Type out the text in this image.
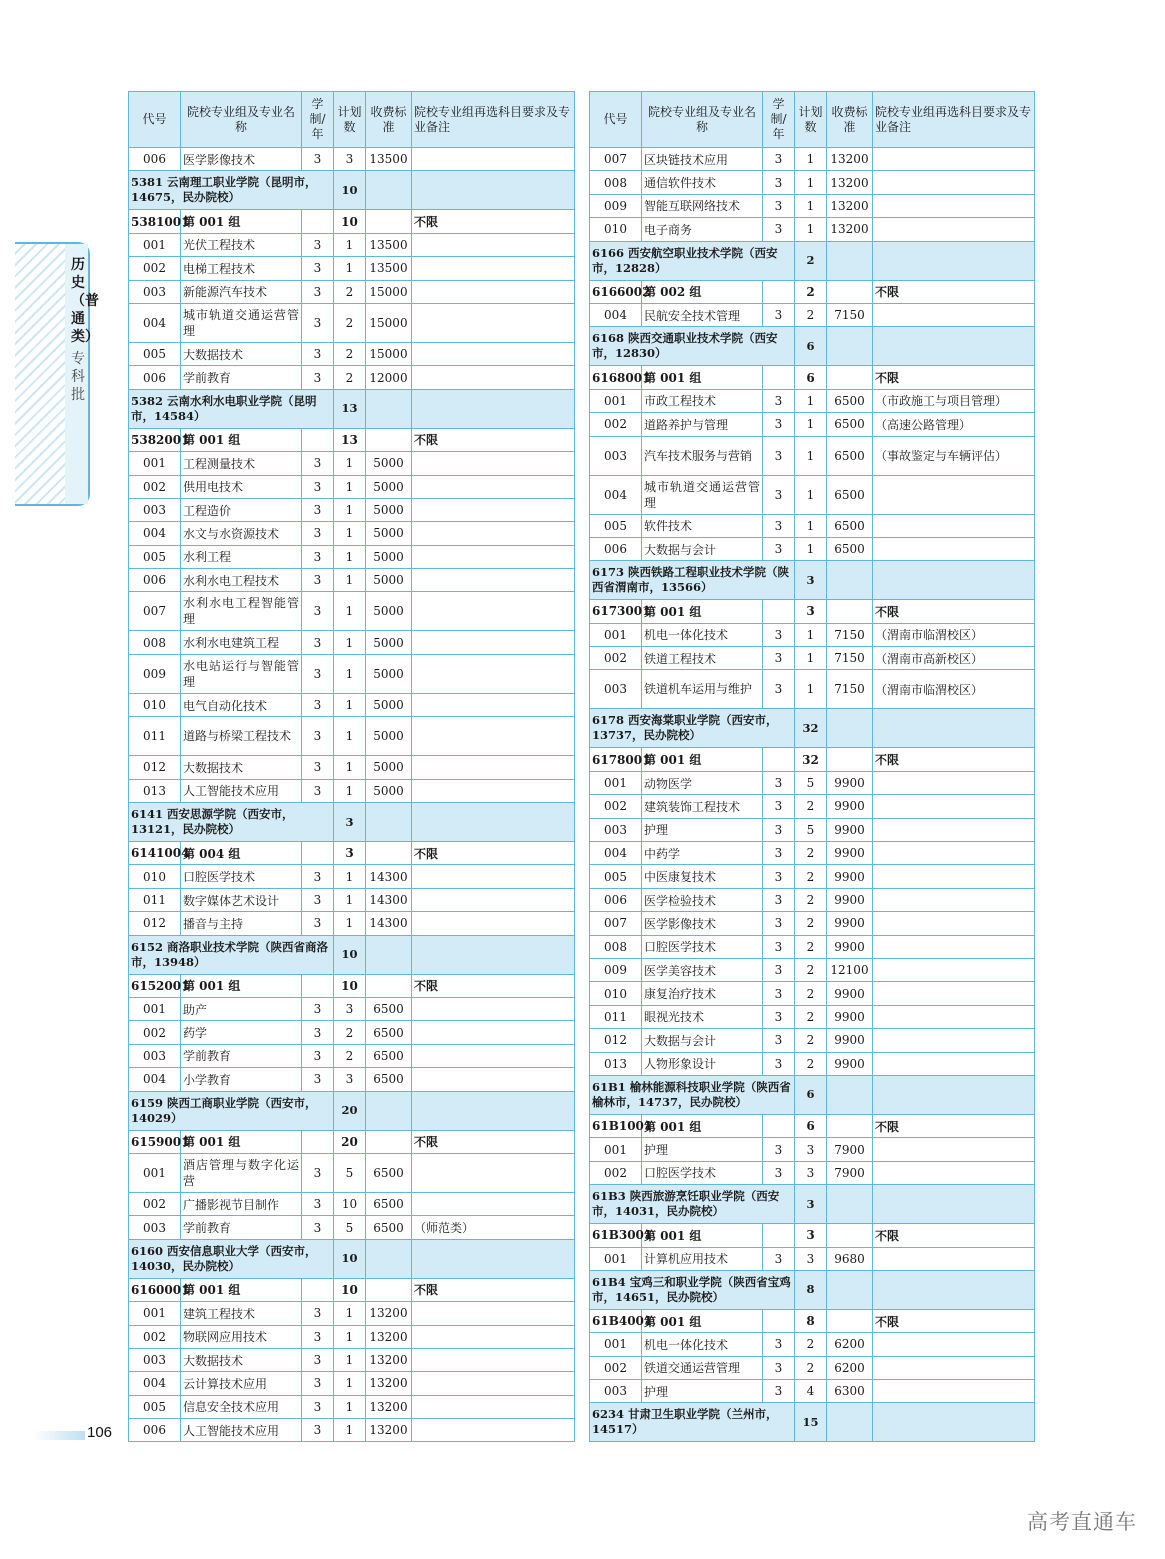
历史（普通类）
专科批
代号	院校专业组及专业名称	学制/年	计划数	收费标准	院校专业组再选科目要求及专业备注
006	医学影像技术	3	3	13500	
5381 云南理工职业学院（昆明市，14675，民办院校）			10		
5381001	第 001 组		10		不限
001	光伏工程技术	3	1	13500	
002	电梯工程技术	3	1	13500	
003	新能源汽车技术	3	2	15000	
004	城市轨道交通运营管理	3	2	15000	
005	大数据技术	3	2	15000	
006	学前教育	3	2	12000	
5382 云南水利水电职业学院（昆明市，14584）			13		
5382001	第 001 组		13		不限
001	工程测量技术	3	1	5000	
002	供用电技术	3	1	5000	
003	工程造价	3	1	5000	
004	水文与水资源技术	3	1	5000	
005	水利工程	3	1	5000	
006	水利水电工程技术	3	1	5000	
007	水利水电工程智能管理	3	1	5000	
008	水利水电建筑工程	3	1	5000	
009	水电站运行与智能管理	3	1	5000	
010	电气自动化技术	3	1	5000	
011	道路与桥梁工程技术	3	1	5000	
012	大数据技术	3	1	5000	
013	人工智能技术应用	3	1	5000	
6141 西安思源学院（西安市，13121，民办院校）			3		
6141004	第 004 组		3		不限
010	口腔医学技术	3	1	14300	
011	数字媒体艺术设计	3	1	14300	
012	播音与主持	3	1	14300	
6152 商洛职业技术学院（陕西省商洛市，13948）			10		
6152001	第 001 组		10		不限
001	助产	3	3	6500	
002	药学	3	2	6500	
003	学前教育	3	2	6500	
004	小学教育	3	3	6500	
6159 陕西工商职业学院（西安市，14029）			20		
6159001	第 001 组		20		不限
001	酒店管理与数字化运营	3	5	6500	
002	广播影视节目制作	3	10	6500	
003	学前教育	3	5	6500	（师范类）
6160 西安信息职业大学（西安市，14030，民办院校）			10		
6160001	第 001 组		10		不限
001	建筑工程技术	3	1	13200	
002	物联网应用技术	3	1	13200	
003	大数据技术	3	1	13200	
004	云计算技术应用	3	1	13200	
005	信息安全技术应用	3	1	13200	
006	人工智能技术应用	3	1	13200	
代号	院校专业组及专业名称	学制/年	计划数	收费标准	院校专业组再选科目要求及专业备注
007	区块链技术应用	3	1	13200	
008	通信软件技术	3	1	13200	
009	智能互联网络技术	3	1	13200	
010	电子商务	3	1	13200	
6166 西安航空职业技术学院（西安市，12828）			2		
6166002	第 002 组		2		不限
004	民航安全技术管理	3	2	7150	
6168 陕西交通职业技术学院（西安市，12830）			6		
6168001	第 001 组		6		不限
001	市政工程技术	3	1	6500	（市政施工与项目管理）
002	道路养护与管理	3	1	6500	（高速公路管理）
003	汽车技术服务与营销	3	1	6500	（事故鉴定与车辆评估）
004	城市轨道交通运营管理	3	1	6500	
005	软件技术	3	1	6500	
006	大数据与会计	3	1	6500	
6173 陕西铁路工程职业技术学院（陕西省渭南市，13566）			3		
6173001	第 001 组		3		不限
001	机电一体化技术	3	1	7150	（渭南市临渭校区）
002	铁道工程技术	3	1	7150	（渭南市高新校区）
003	铁道机车运用与维护	3	1	7150	（渭南市临渭校区）
6178 西安海棠职业学院（西安市，13737，民办院校）			32		
6178001	第 001 组		32		不限
001	动物医学	3	5	9900	
002	建筑装饰工程技术	3	2	9900	
003	护理	3	5	9900	
004	中药学	3	2	9900	
005	中医康复技术	3	2	9900	
006	医学检验技术	3	2	9900	
007	医学影像技术	3	2	9900	
008	口腔医学技术	3	2	9900	
009	医学美容技术	3	2	12100	
010	康复治疗技术	3	2	9900	
011	眼视光技术	3	2	9900	
012	大数据与会计	3	2	9900	
013	人物形象设计	3	2	9900	
61B1 榆林能源科技职业学院（陕西省榆林市，14737，民办院校）			6		
61B1001	第 001 组		6		不限
001	护理	3	3	7900	
002	口腔医学技术	3	3	7900	
61B3 陕西旅游烹饪职业学院（西安市，14031，民办院校）			3		
61B3001	第 001 组		3		不限
001	计算机应用技术	3	3	9680	
61B4 宝鸡三和职业学院（陕西省宝鸡市，14651，民办院校）			8		
61B4001	第 001 组		8		不限
001	机电一体化技术	3	2	6200	
002	铁道交通运营管理	3	2	6200	
003	护理	3	4	6300	
6234 甘肃卫生职业学院（兰州市，14517）			15		
106
高考直通车
